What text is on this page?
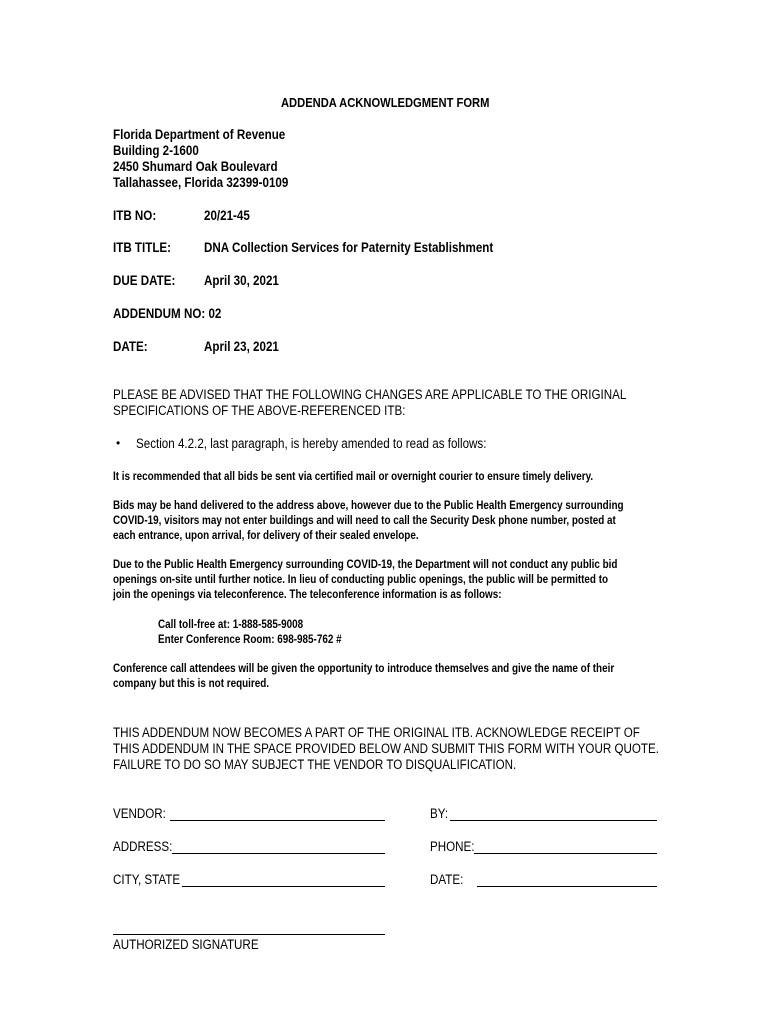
ADDENDA ACKNOWLEDGMENT FORM
Florida Department of Revenue
Building 2-1600
2450 Shumard Oak Boulevard
Tallahassee, Florida 32399-0109
ITB NO:	20/21-45
ITB TITLE: DNA Collection Services for Paternity Establishment
DUE DATE: April 30, 2021
ADDENDUM NO: 02
DATE:	April 23, 2021
PLEASE BE ADVISED THAT THE FOLLOWING CHANGES ARE APPLICABLE TO THE ORIGINAL
SPECIFICATIONS OF THE ABOVE-REFERENCED ITB:
• Section 4.2.2, last paragraph, is hereby amended to read as follows:
It is recommended that all bids be sent via certified mail or overnight courier to ensure timely delivery.
Bids may be hand delivered to the address above, however due to the Public Health Emergency surrounding
COVID-19, visitors may not enter buildings and will need to call the Security Desk phone number, posted at
each entrance, upon arrival, for delivery of their sealed envelope.
Due to the Public Health Emergency surrounding COVID-19, the Department will not conduct any public bid
openings on-site until further notice. In lieu of conducting public openings, the public will be permitted to
join the openings via teleconference. The teleconference information is as follows:
Call toll-free at: 1-888-585-9008
Enter Conference Room: 698-985-762 #
Conference call attendees will be given the opportunity to introduce themselves and give the name of their
company but this is not required.
THIS ADDENDUM NOW BECOMES A PART OF THE ORIGINAL ITB. ACKNOWLEDGE RECEIPT OF
THIS ADDENDUM IN THE SPACE PROVIDED BELOW AND SUBMIT THIS FORM WITH YOUR QUOTE.
FAILURE TO DO SO MAY SUBJECT THE VENDOR TO DISQUALIFICATION.
VENDOR:	BY:
ADDRESS:	PHONE:
CITY, STATE	DATE:
AUTHORIZED SIGNATURE
